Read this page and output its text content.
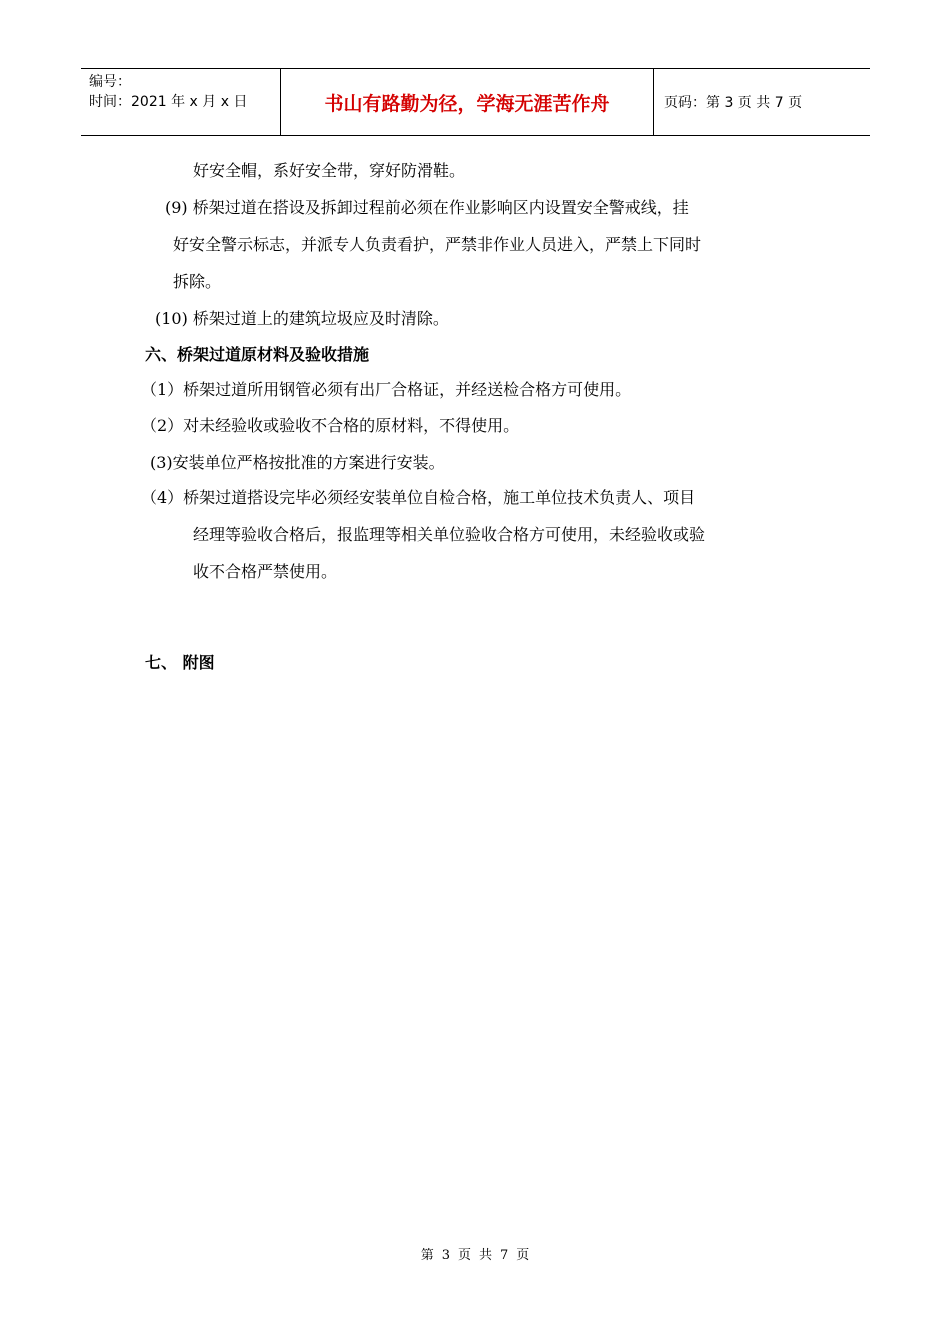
编号：
时间：2021 年 x 月 x 日	书山有路勤为径，学海无涯苦作舟	页码：第 3 页 共 7 页
好安全帽，系好安全带，穿好防滑鞋。
(9) 桥架过道在搭设及拆卸过程前必须在作业影响区内设置安全警戒线，挂
好安全警示标志，并派专人负责看护，严禁非作业人员进入，严禁上下同时
拆除。
(10) 桥架过道上的建筑垃圾应及时清除。
六、桥架过道原材料及验收措施
（1）桥架过道所用钢管必须有出厂合格证，并经送检合格方可使用。
（2）对未经验收或验收不合格的原材料，不得使用。
(3)安装单位严格按批准的方案进行安装。
（4）桥架过道搭设完毕必须经安装单位自检合格，施工单位技术负责人、项目
经理等验收合格后，报监理等相关单位验收合格方可使用，未经验收或验
收不合格严禁使用。
七、 附图
第 3 页 共 7 页
